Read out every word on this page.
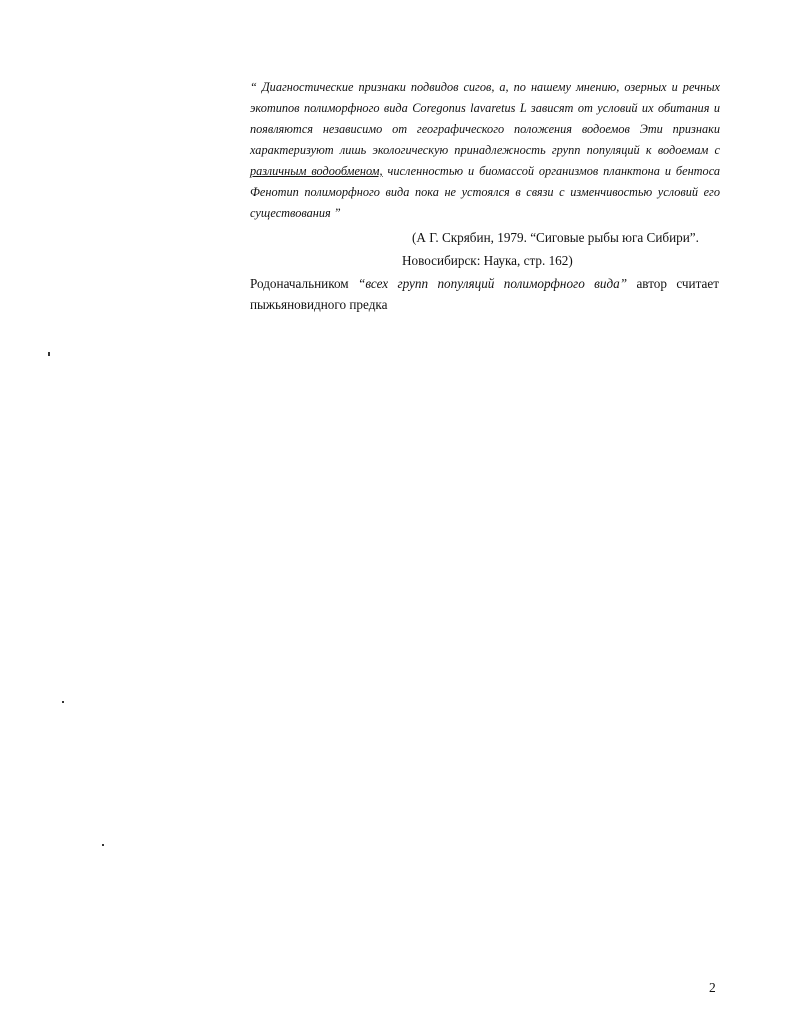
“ Диагностические признаки подвидов сигов, а, по нашему мнению, озерных и речных
экотипов полиморфного вида Coregonus lavaretus L зависят от условий их обитания и
появляются независимо от географического положения водоемов Эти признаки
характеризуют лишь экологическую принадлежность групп популяций к водоемам с
различным водообменом, численностью и биомассой организмов планктона и бентоса
Фенотип полиморфного вида пока не устоялся в связи с изменчивостью условий его
существования ”
(А Г. Скрябин, 1979. “Сиговые рыбы юга Сибири”.
Новосибирск: Наука, стр. 162)
Родоначальником “всех групп популяций полиморфного вида” автор считает
пыжьяновидного предка
2
